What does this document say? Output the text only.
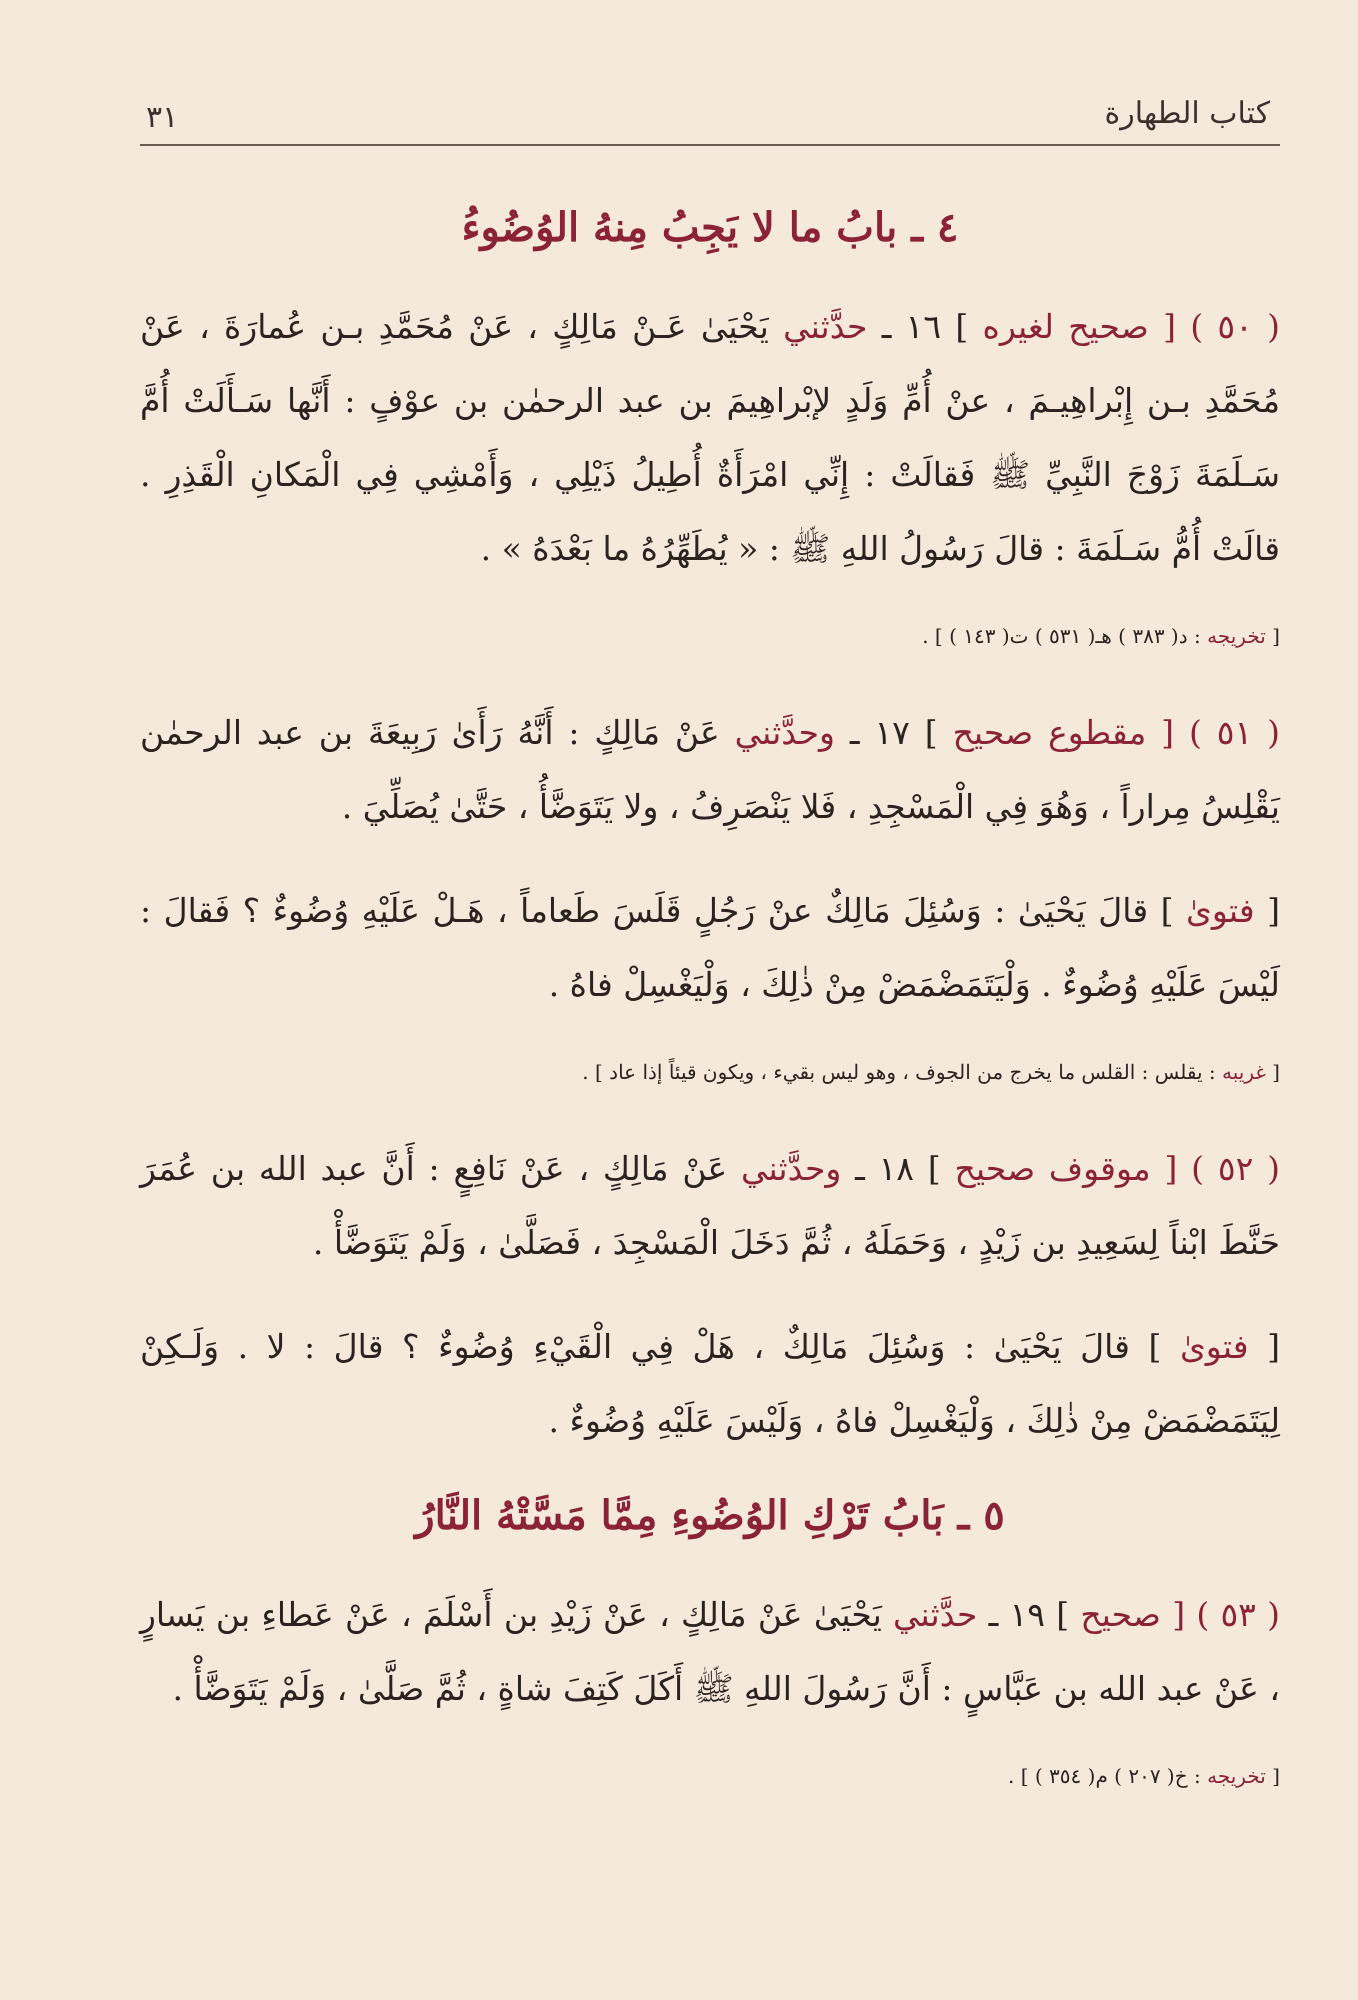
كتاب الطهارة
٣١
٤ ـ بابُ ما لا يَجِبُ مِنهُ الوُضُوءُ

( ٥٠ ) [ صحيح لغيره ] ١٦ ـ حدَّثني يَحْيَىٰ عَـنْ مَالِكٍ ، عَنْ مُحَمَّدِ بـن عُمارَةَ ، عَنْ مُحَمَّدِ بـن إِبْراهِيـمَ ، عنْ أُمِّ وَلَدٍ لإبْراهِيمَ بن عبد الرحمٰن بن عوْفٍ : أَنَّها سَـأَلَتْ أُمَّ سَـلَمَةَ زَوْجَ النَّبِيِّ ﷺ فَقالَتْ : إِنِّي امْرَأَةٌ أُطِيلُ ذَيْلِي ، وَأَمْشِي فِي الْمَكانِ الْقَذِرِ . قالَتْ أُمُّ سَـلَمَةَ : قالَ رَسُولُ اللهِ ﷺ : « يُطَهِّرُهُ ما بَعْدَهُ » .

[ تخريجه : د( ٣٨٣ ) هـ( ٥٣١ ) ت( ١٤٣ ) ] .

( ٥١ ) [ مقطوع صحيح ] ١٧ ـ وحدَّثني عَنْ مَالِكٍ : أَنَّهُ رَأَىٰ رَبِيعَةَ بن عبد الرحمٰن يَقْلِسُ مِراراً ، وَهُوَ فِي الْمَسْجِدِ ، فَلا يَنْصَرِفُ ، ولا يَتَوَضَّأُ ، حَتَّىٰ يُصَلِّيَ .

[ فتوىٰ ] قالَ يَحْيَىٰ : وَسُئِلَ مَالِكٌ عنْ رَجُلٍ قَلَسَ طَعاماً ، هَـلْ عَلَيْهِ وُضُوءٌ ؟ فَقالَ : لَيْسَ عَلَيْهِ وُضُوءٌ . وَلْيَتَمَضْمَضْ مِنْ ذٰلِكَ ، وَلْيَغْسِلْ فاهُ .

[ غريبه : يقلس : القلس ما يخرج من الجوف ، وهو ليس بقيء ، ويكون قيئاً إذا عاد ] .

( ٥٢ ) [ موقوف صحيح ] ١٨ ـ وحدَّثني عَنْ مَالِكٍ ، عَنْ نَافِعٍ : أَنَّ عبد الله بن عُمَرَ حَنَّطَ ابْناً لِسَعِيدِ بن زَيْدٍ ، وَحَمَلَهُ ، ثُمَّ دَخَلَ الْمَسْجِدَ ، فَصَلَّىٰ ، وَلَمْ يَتَوَضَّأْ .

[ فتوىٰ ] قالَ يَحْيَىٰ : وَسُئِلَ مَالِكٌ ، هَلْ فِي الْقَيْءِ وُضُوءٌ ؟ قالَ : لا . وَلَـكِنْ لِيَتَمَضْمَضْ مِنْ ذٰلِكَ ، وَلْيَغْسِلْ فاهُ ، وَلَيْسَ عَلَيْهِ وُضُوءٌ .

٥ ـ بَابُ تَرْكِ الوُضُوءِ مِمَّا مَسَّتْهُ النَّارُ

( ٥٣ ) [ صحيح ] ١٩ ـ حدَّثني يَحْيَىٰ عَنْ مَالِكٍ ، عَنْ زَيْدِ بن أَسْلَمَ ، عَنْ عَطاءِ بن يَسارٍ ، عَنْ عبد الله بن عَبَّاسٍ : أَنَّ رَسُولَ اللهِ ﷺ أَكَلَ كَتِفَ شاةٍ ، ثُمَّ صَلَّىٰ ، وَلَمْ يَتَوَضَّأْ .

[ تخريجه : خ( ٢٠٧ ) م( ٣٥٤ ) ] .
